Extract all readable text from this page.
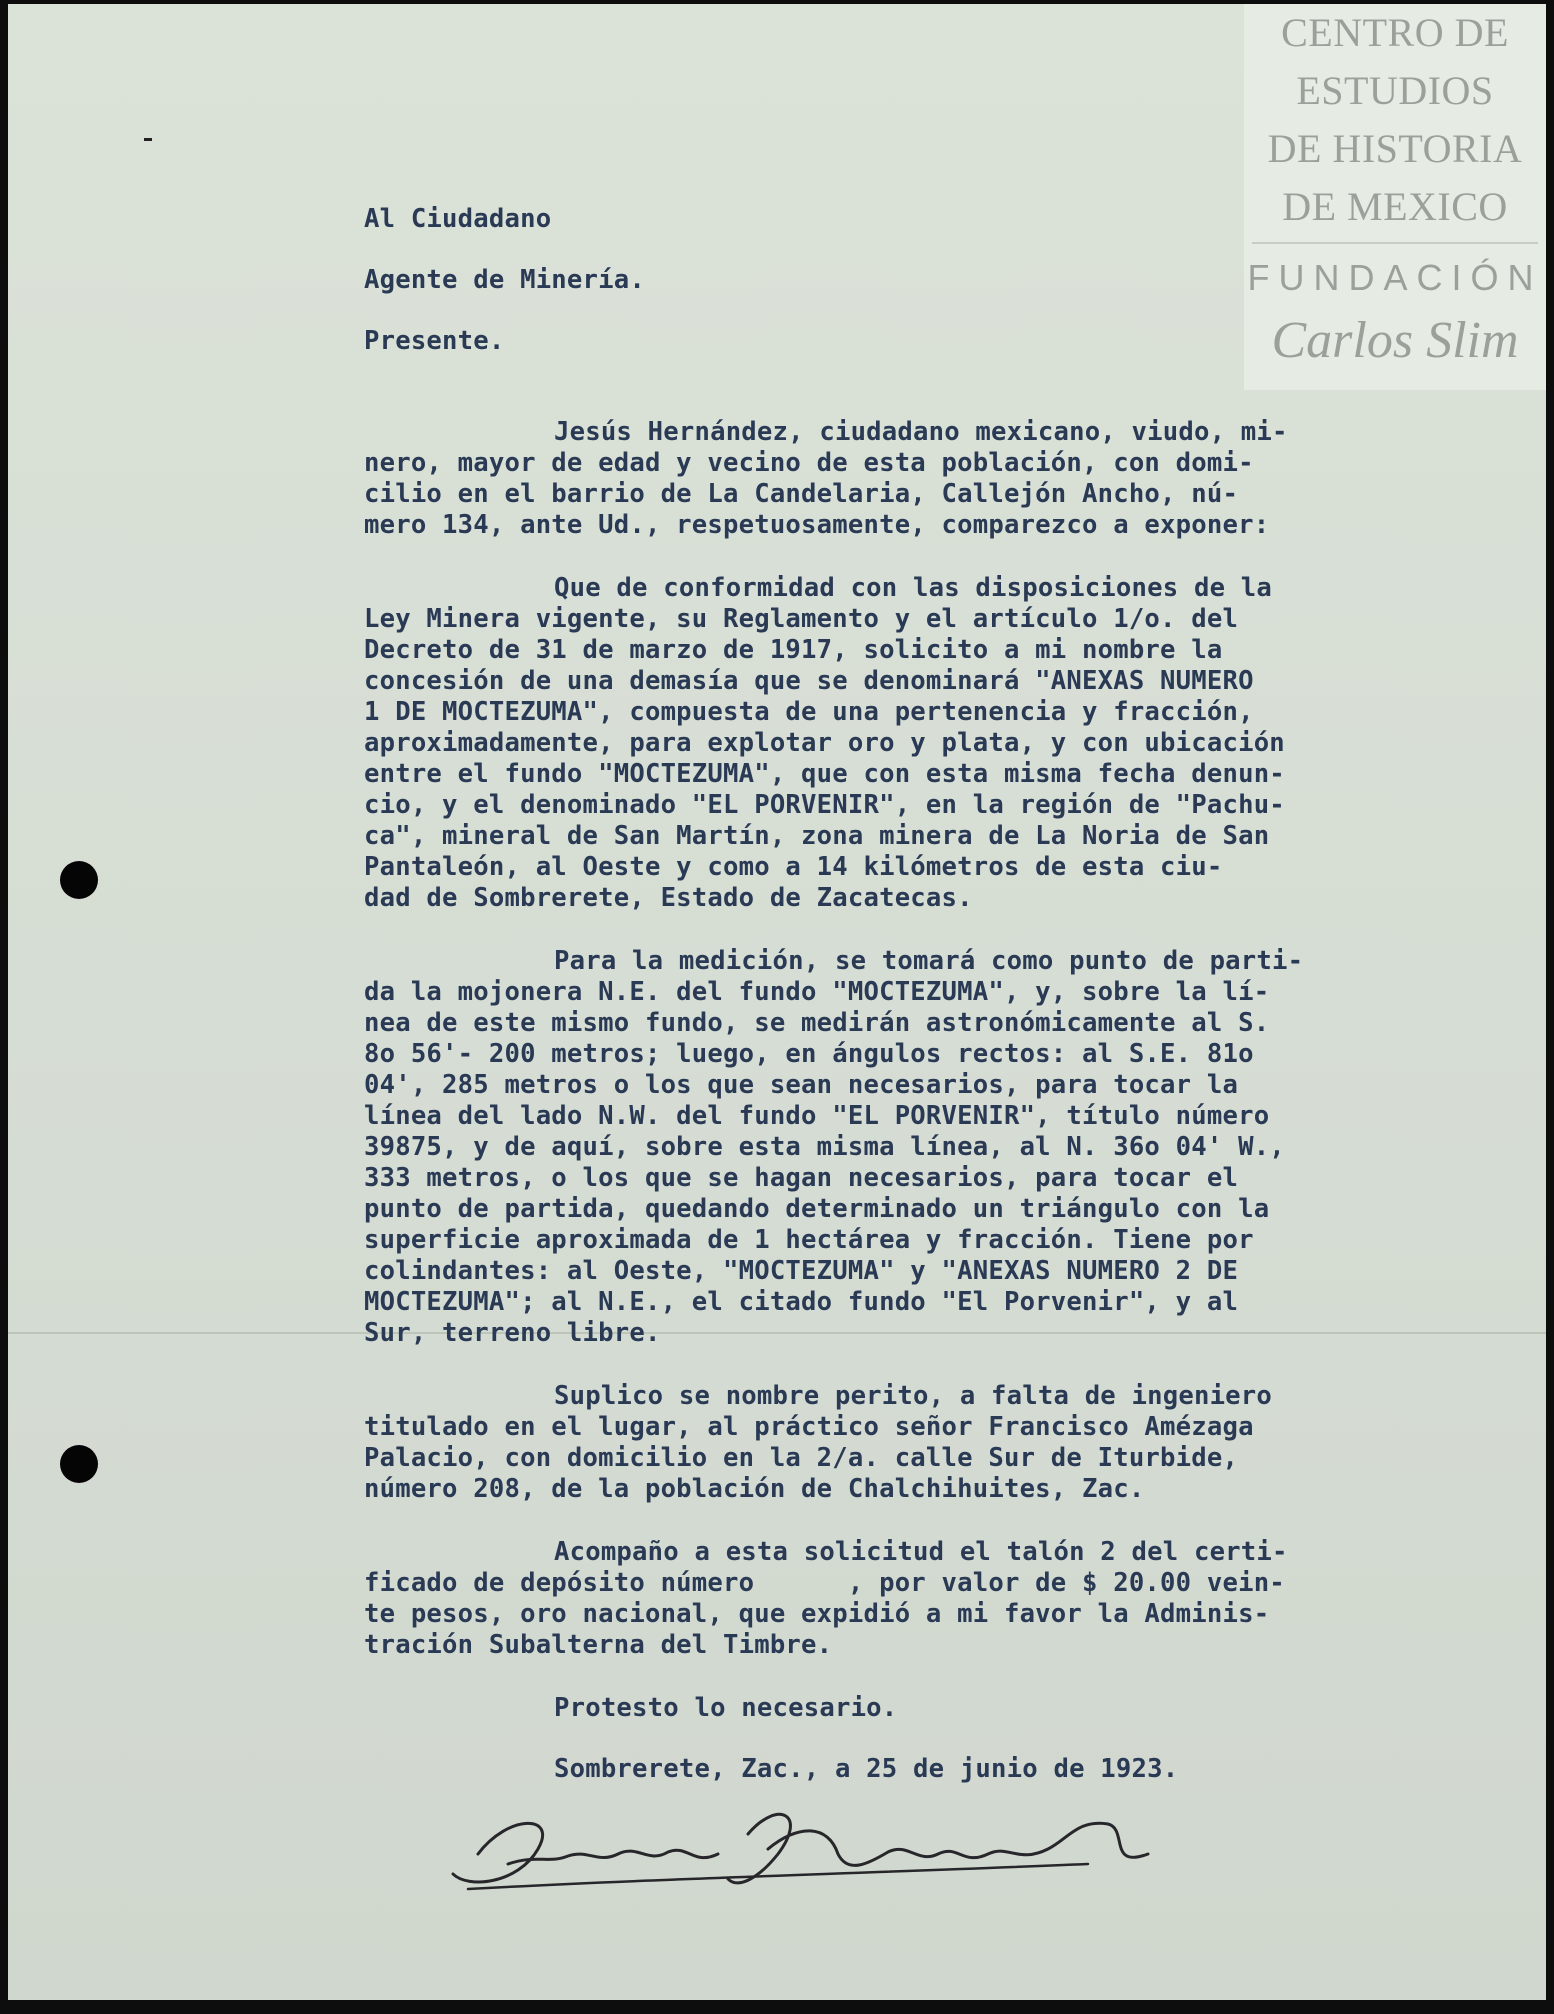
CENTRO DE
ESTUDIOS
DE HISTORIA
DE MEXICO
FUNDACIÓN
Carlos Slim
Al Ciudadano
Agente de Minería.
Presente.
Jesús Hernández, ciudadano mexicano, viudo, mi-
nero, mayor de edad y vecino de esta población, con domi-
cilio en el barrio de La Candelaria, Callejón Ancho, nú-
mero 134, ante Ud., respetuosamente, comparezco a exponer:
Que de conformidad con las disposiciones de la
Ley Minera vigente, su Reglamento y el artículo 1/o. del
Decreto de 31 de marzo de 1917, solicito a mi nombre la
concesión de una demasía que se denominará "ANEXAS NUMERO
1 DE MOCTEZUMA", compuesta de una pertenencia y fracción,
aproximadamente, para explotar oro y plata, y con ubicación
entre el fundo "MOCTEZUMA", que con esta misma fecha denun-
cio, y el denominado "EL PORVENIR", en la región de "Pachu-
ca", mineral de San Martín, zona minera de La Noria de San
Pantaleón, al Oeste y como a 14 kilómetros de esta ciu-
dad de Sombrerete, Estado de Zacatecas.
Para la medición, se tomará como punto de parti-
da la mojonera N.E. del fundo "MOCTEZUMA", y, sobre la lí-
nea de este mismo fundo, se medirán astronómicamente al S.
8o 56'- 200 metros; luego, en ángulos rectos: al S.E. 81o
04', 285 metros o los que sean necesarios, para tocar la
línea del lado N.W. del fundo "EL PORVENIR", título número
39875, y de aquí, sobre esta misma línea, al N. 36o 04' W.,
333 metros, o los que se hagan necesarios, para tocar el
punto de partida, quedando determinado un triángulo con la
superficie aproximada de 1 hectárea y fracción. Tiene por
colindantes: al Oeste, "MOCTEZUMA" y "ANEXAS NUMERO 2 DE
MOCTEZUMA"; al N.E., el citado fundo "El Porvenir", y al
Sur, terreno libre.
Suplico se nombre perito, a falta de ingeniero
titulado en el lugar, al práctico señor Francisco Amézaga
Palacio, con domicilio en la 2/a. calle Sur de Iturbide,
número 208, de la población de Chalchihuites, Zac.
Acompaño a esta solicitud el talón 2 del certi-
ficado de depósito número      , por valor de $ 20.00 vein-
te pesos, oro nacional, que expidió a mi favor la Adminis-
tración Subalterna del Timbre.
Protesto lo necesario.
Sombrerete, Zac., a 25 de junio de 1923.
